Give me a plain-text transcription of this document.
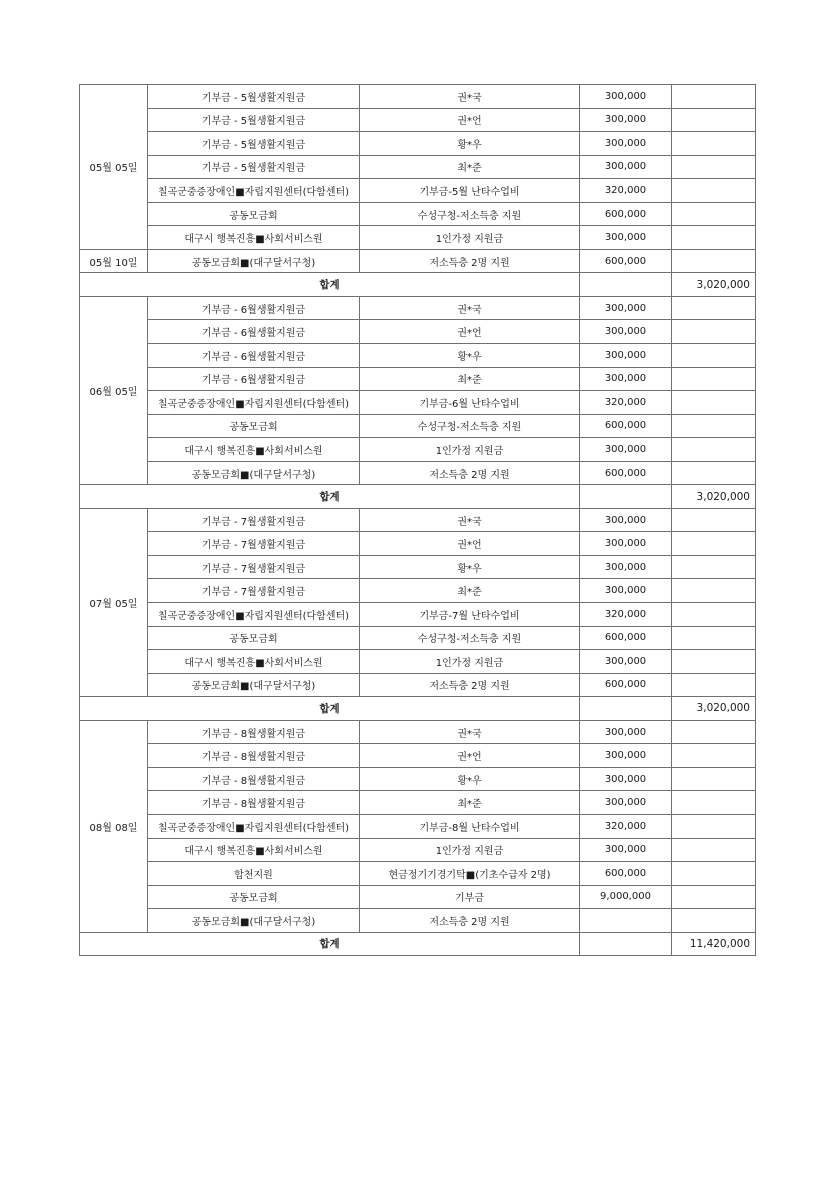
05월 05일	기부금 - 5월생활지원금	권*국	300,000	
	기부금 - 5월생활지원금	권*언	300,000	
	기부금 - 5월생활지원금	황*우	300,000	
	기부금 - 5월생활지원금	최*준	300,000	
	칠곡군중증장애인■자립지원센터(다함센터)	기부금-5월 난타수업비	320,000	
	공동모금회	수성구청-저소득층 지원	600,000	
	대구시 행복진흥■사회서비스원	1인가정 지원금	300,000	
05월 10일	공동모금회■(대구달서구청)	저소득층 2명 지원	600,000	
합계				3,020,000
06월 05일	기부금 - 6월생활지원금	권*국	300,000	
	기부금 - 6월생활지원금	권*언	300,000	
	기부금 - 6월생활지원금	황*우	300,000	
	기부금 - 6월생활지원금	최*준	300,000	
	칠곡군중증장애인■자립지원센터(다함센터)	기부금-6월 난타수업비	320,000	
	공동모금회	수성구청-저소득층 지원	600,000	
	대구시 행복진흥■사회서비스원	1인가정 지원금	300,000	
	공동모금회■(대구달서구청)	저소득층 2명 지원	600,000	
합계				3,020,000
07월 05일	기부금 - 7월생활지원금	권*국	300,000	
	기부금 - 7월생활지원금	권*언	300,000	
	기부금 - 7월생활지원금	황*우	300,000	
	기부금 - 7월생활지원금	최*준	300,000	
	칠곡군중증장애인■자립지원센터(다함센터)	기부금-7월 난타수업비	320,000	
	공동모금회	수성구청-저소득층 지원	600,000	
	대구시 행복진흥■사회서비스원	1인가정 지원금	300,000	
	공동모금회■(대구달서구청)	저소득층 2명 지원	600,000	
합계				3,020,000
08월 08일	기부금 - 8월생활지원금	권*국	300,000	
	기부금 - 8월생활지원금	권*언	300,000	
	기부금 - 8월생활지원금	황*우	300,000	
	기부금 - 8월생활지원금	최*준	300,000	
	칠곡군중증장애인■자립지원센터(다함센터)	기부금-8월 난타수업비	320,000	
	대구시 행복진흥■사회서비스원	1인가정 지원금	300,000	
	합천지원	현금정기기경기탁■(기초수급자 2명)	600,000	
	공동모금회	기부금	9,000,000	
	공동모금회■(대구달서구청)	저소득층 2명 지원		
합계				11,420,000
